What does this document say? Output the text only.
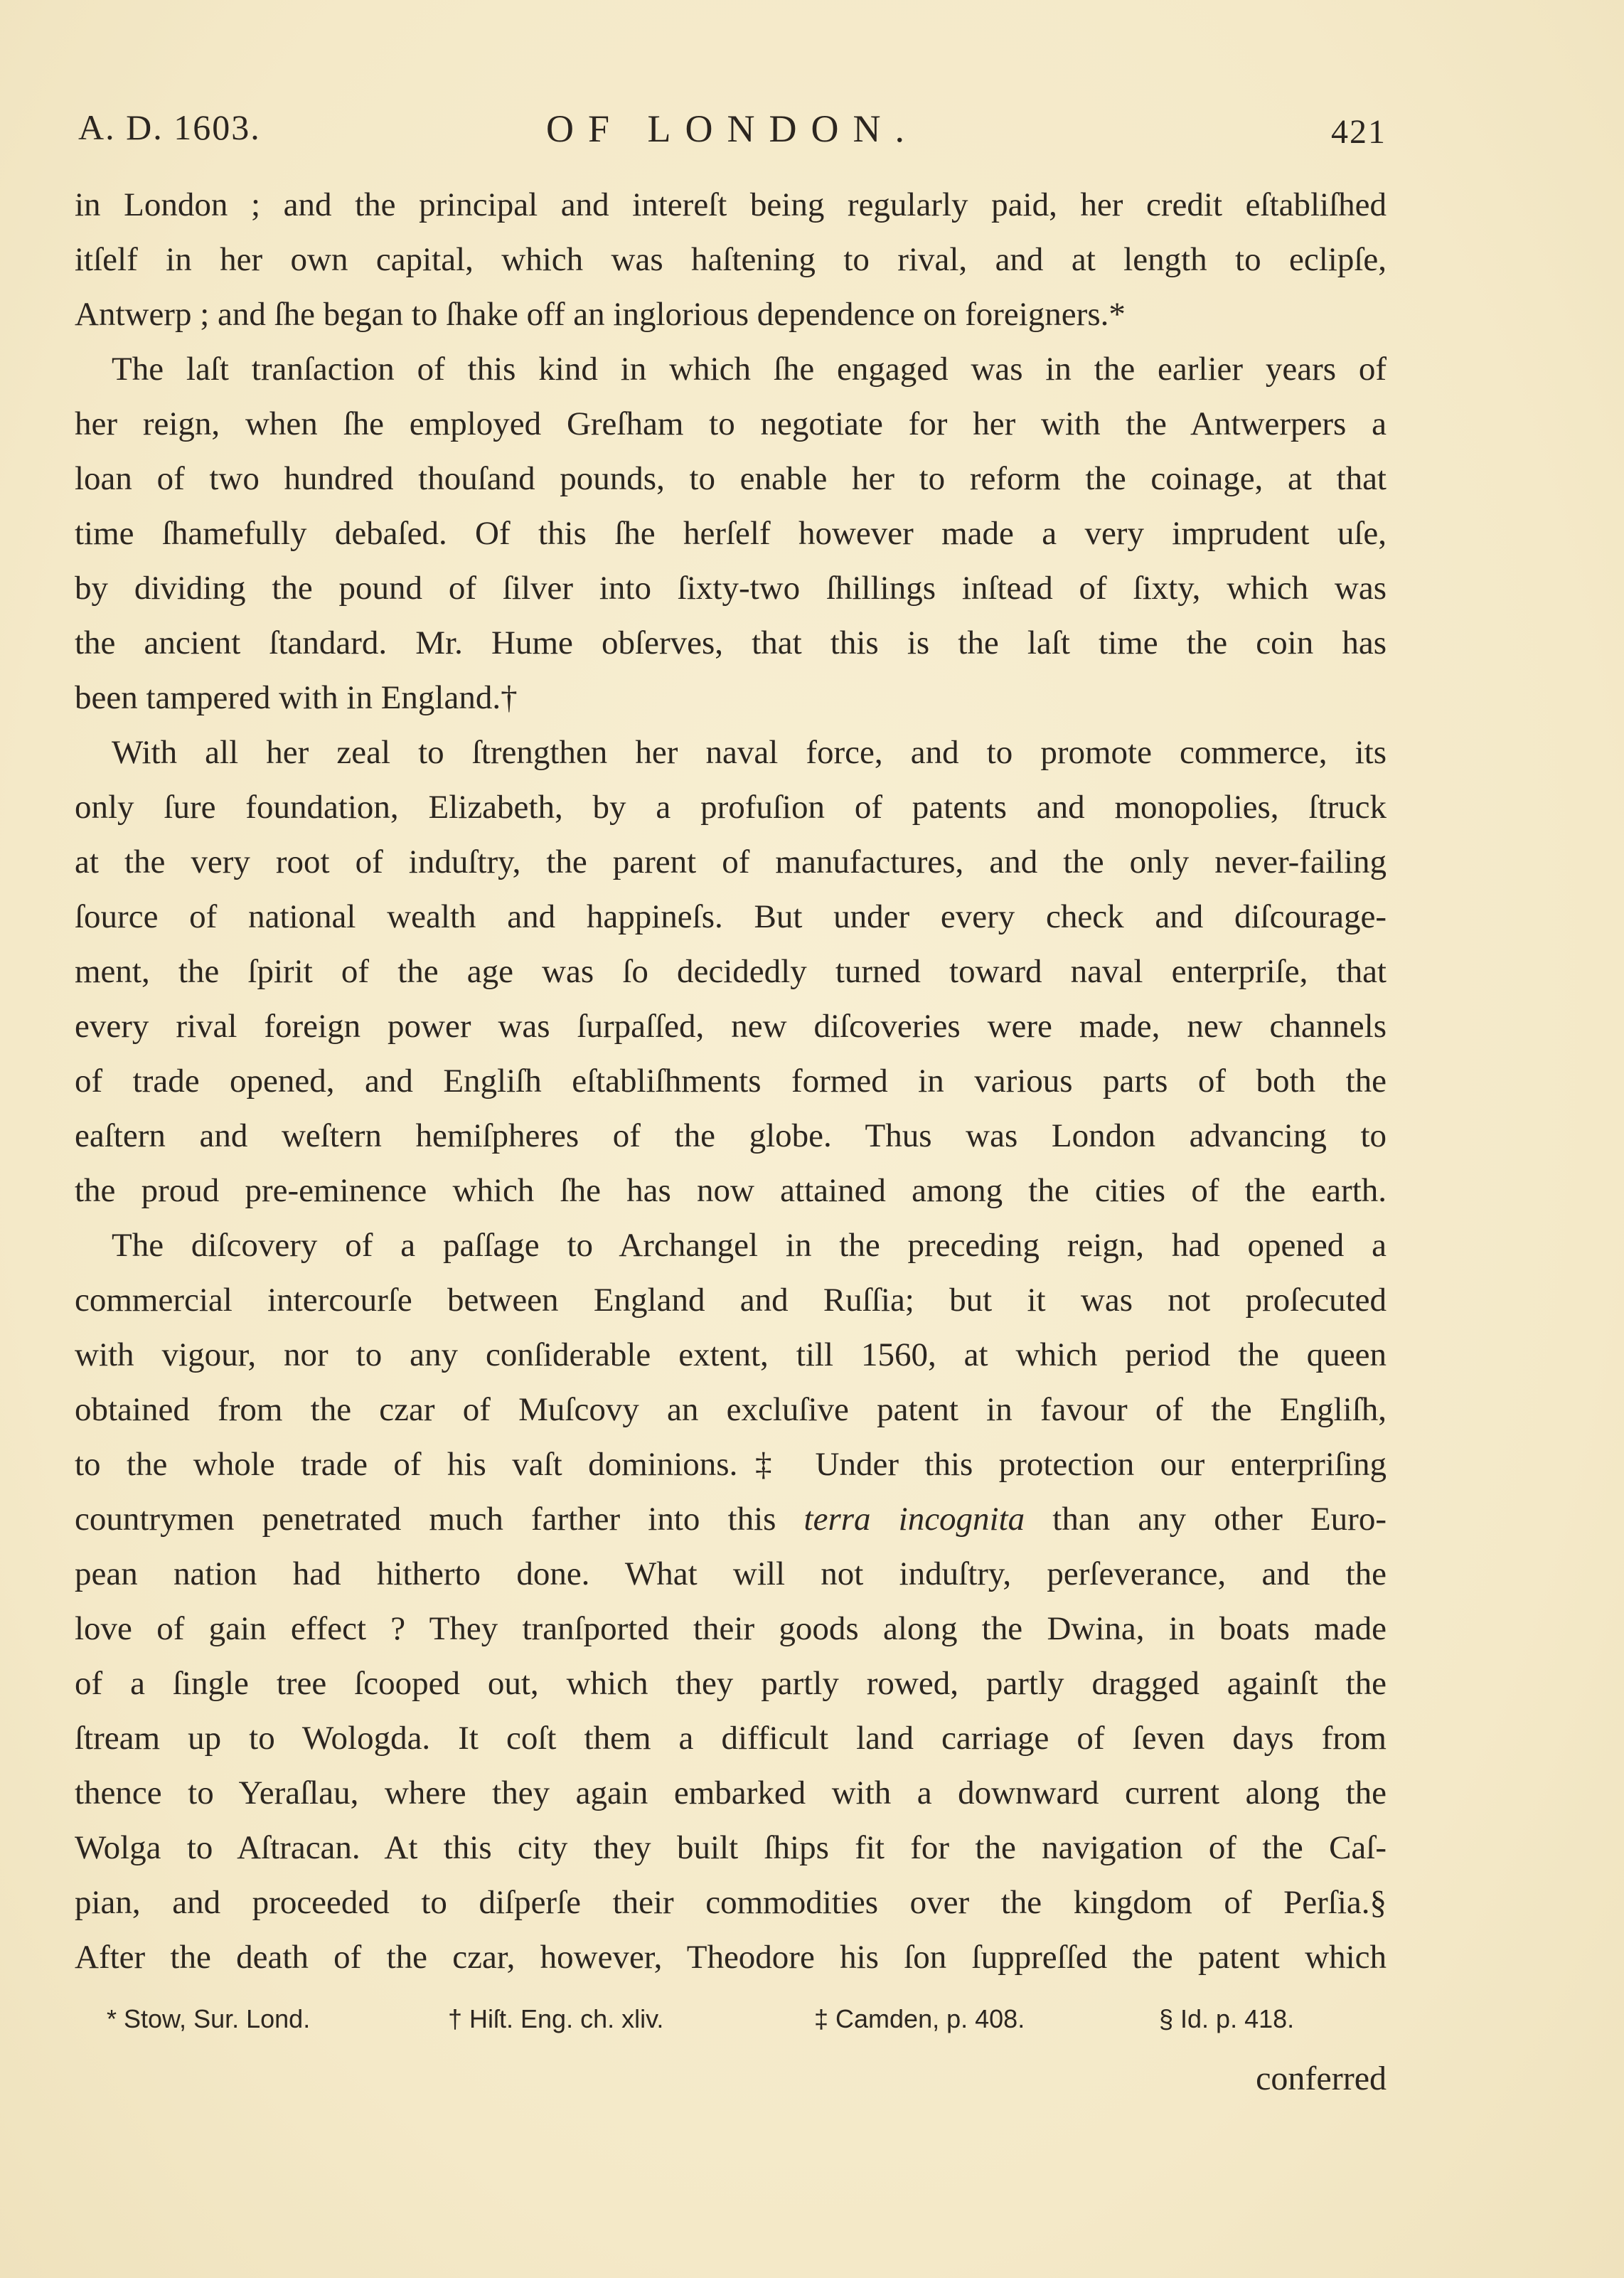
A. D. 1603.	OF LONDON.	421
in London ; and the principal and intereſt being regularly paid, her credit eſtabliſhed
itſelf in her own capital, which was haſtening to rival, and at length to eclipſe,
Antwerp ; and ſhe began to ſhake off an inglorious dependence on foreigners.*
The laſt tranſaction of this kind in which ſhe engaged was in the earlier years of
her reign, when ſhe employed Greſham to negotiate for her with the Antwerpers a
loan of two hundred thouſand pounds, to enable her to reform the coinage, at that
time ſhamefully debaſed. Of this ſhe herſelf however made a very imprudent uſe,
by dividing the pound of ſilver into ſixty-two ſhillings inſtead of ſixty, which was
the ancient ſtandard. Mr. Hume obſerves, that this is the laſt time the coin has
been tampered with in England.†
With all her zeal to ſtrengthen her naval force, and to promote commerce, its
only ſure foundation, Elizabeth, by a profuſion of patents and monopolies, ſtruck
at the very root of induſtry, the parent of manufactures, and the only never-failing
ſource of national wealth and happineſs. But under every check and diſcourage-
ment, the ſpirit of the age was ſo decidedly turned toward naval enterpriſe, that
every rival foreign power was ſurpaſſed, new diſcoveries were made, new channels
of trade opened, and Engliſh eſtabliſhments formed in various parts of both the
eaſtern and weſtern hemiſpheres of the globe. Thus was London advancing to
the proud pre-eminence which ſhe has now attained among the cities of the earth.
The diſcovery of a paſſage to Archangel in the preceding reign, had opened a
commercial intercourſe between England and Ruſſia; but it was not proſecuted
with vigour, nor to any conſiderable extent, till 1560, at which period the queen
obtained from the czar of Muſcovy an excluſive patent in favour of the Engliſh,
to the whole trade of his vaſt dominions.‡ Under this protection our enterpriſing
countrymen penetrated much farther into this terra incognita than any other Euro-
pean nation had hitherto done. What will not induſtry, perſeverance, and the
love of gain effect ? They tranſported their goods along the Dwina, in boats made
of a ſingle tree ſcooped out, which they partly rowed, partly dragged againſt the
ſtream up to Wologda. It coſt them a difficult land carriage of ſeven days from
thence to Yeraſlau, where they again embarked with a downward current along the
Wolga to Aſtracan. At this city they built ſhips fit for the navigation of the Caſ-
pian, and proceeded to diſperſe their commodities over the kingdom of Perſia.§
After the death of the czar, however, Theodore his ſon ſuppreſſed the patent which
* Stow, Sur. Lond.	† Hiſt. Eng. ch. xliv.	‡ Camden, p. 408.	§ Id. p. 418.
conferred
